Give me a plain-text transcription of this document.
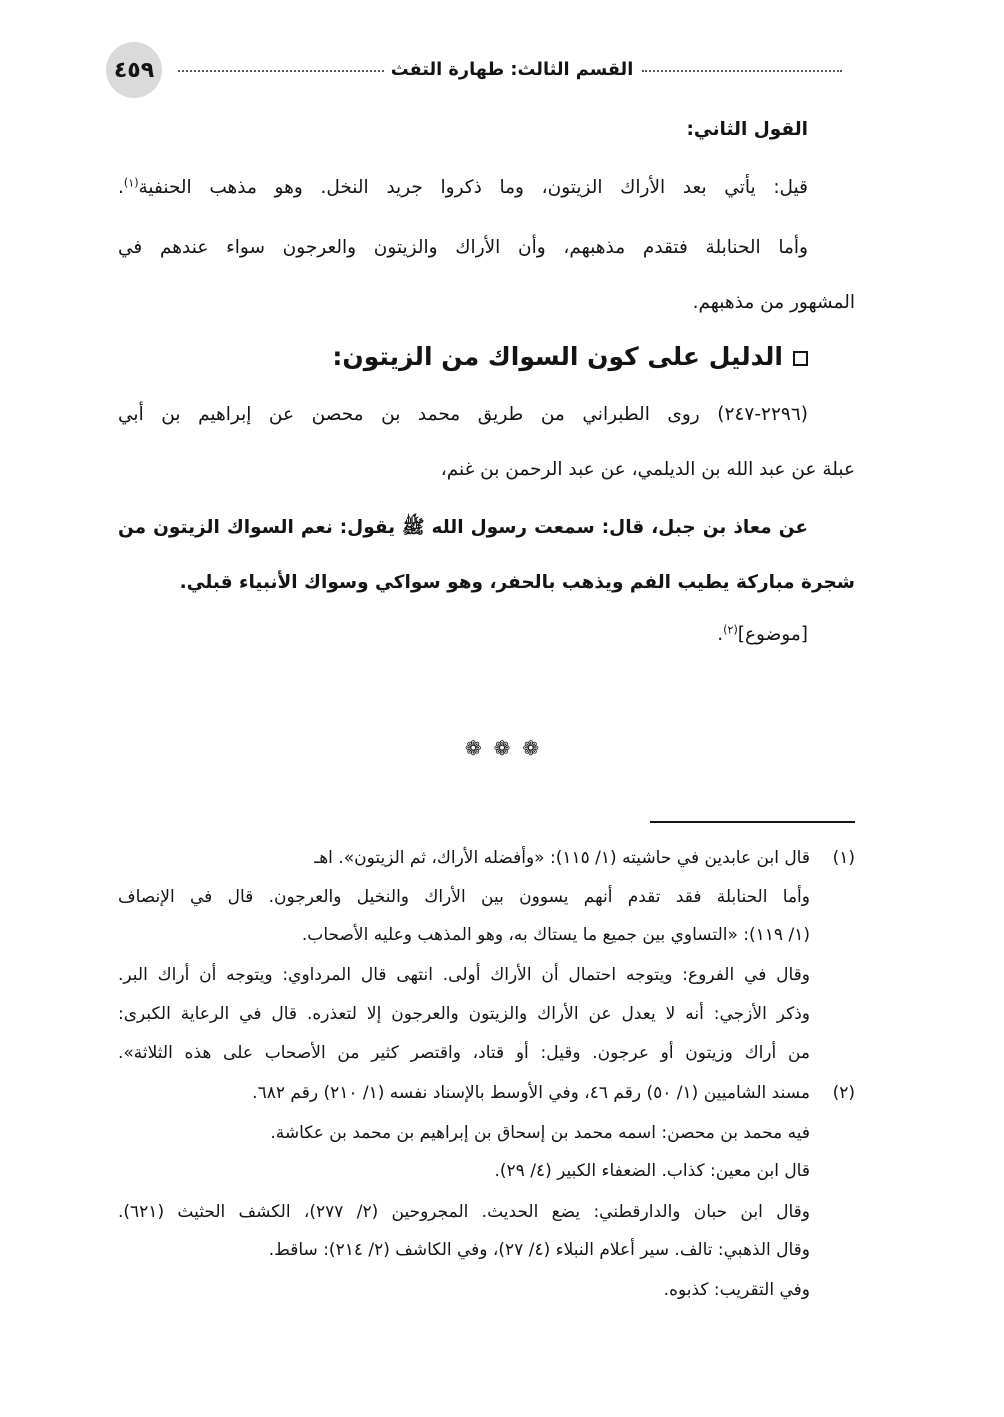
٤٥٩	القسم الثالث: طهارة التفث
القول الثاني:
قيل: يأتي بعد الأراك الزيتون، وما ذكروا جريد النخل. وهو مذهب الحنفية$^{(١)}$.
وأما الحنابلة فتقدم مذهبهم، وأن الأراك والزيتون والعرجون سواء عندهم في
المشهور من مذهبهم.
الدليل على كون السواك من الزيتون:
(٢٢٩٦-٢٤٧) روى الطبراني من طريق محمد بن محصن عن إبراهيم بن أبي
عبلة عن عبد الله بن الديلمي، عن عبد الرحمن بن غنم،
عن معاذ بن جبل، قال: سمعت رسول الله ﷺ يقول: نعم السواك الزيتون من
شجرة مباركة يطيب الفم ويذهب بالحفر، وهو سواكي وسواك الأنبياء قبلي.
[موضوع]$^{(٢)}$.
❁ ❁ ❁
(١)
قال ابن عابدين في حاشيته (١/ ١١٥): «وأفضله الأراك، ثم الزيتون». اهـ
وأما الحنابلة فقد تقدم أنهم يسوون بين الأراك والنخيل والعرجون. قال في الإنصاف
(١/ ١١٩): «التساوي بين جميع ما يستاك به، وهو المذهب وعليه الأصحاب.
وقال في الفروع: ويتوجه احتمال أن الأراك أولى. انتهى قال المرداوي: ويتوجه أن أراك البر.
وذكر الأزجي: أنه لا يعدل عن الأراك والزيتون والعرجون إلا لتعذره. قال في الرعاية الكبرى:
من أراك وزيتون أو عرجون. وقيل: أو قتاد، واقتصر كثير من الأصحاب على هذه الثلاثة».
(٢)
مسند الشاميين (١/ ٥٠) رقم ٤٦، وفي الأوسط بالإسناد نفسه (١/ ٢١٠) رقم ٦٨٢.
فيه محمد بن محصن: اسمه محمد بن إسحاق بن إبراهيم بن محمد بن عكاشة.
قال ابن معين: كذاب. الضعفاء الكبير (٤/ ٢٩).
وقال ابن حبان والدارقطني: يضع الحديث. المجروحين (٢/ ٢٧٧)، الكشف الحثيث (٦٢١).
وقال الذهبي: تالف. سير أعلام النبلاء (٤/ ٢٧)، وفي الكاشف (٢/ ٢١٤): ساقط.
وفي التقريب: كذبوه.
